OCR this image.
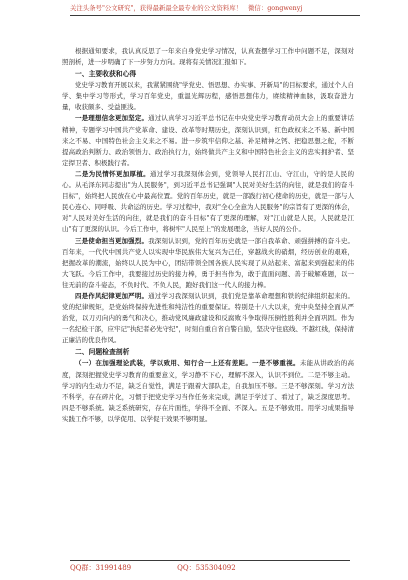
关注头条号"公文研究"，获得最新最全最专业的公文资料库！ 微信：gongwenyj

根据通知要求，我认真反思了一年来自身党史学习情况，认真查摆学习工作中问题不足，深刻对照剖析，进一步明确了下一步努力方向。现将有关情况汇报如下。

一、主要收获和心得

党史学习教育开展以来，我紧紧围绕"学党史、悟思想、办实事、开新局"的目标要求，通过个人自学、集中学习等形式，学习百年党史，重温光辉历程，感悟思想伟力，赓续精神血脉，汲取奋进力量，收获颇多、受益匪浅。

一是理想信念更加坚定。通过认真学习习近平总书记在中央党史学习教育动员大会上的重要讲话精神，专题学习中国共产党革命、建设、改革等时期历史，深刻认识到，红色政权来之不易、新中国来之不易、中国特色社会主义来之不易。进一步筑牢信仰之基、补足精神之钙、把稳思想之舵，不断提高政治判断力、政治领悟力、政治执行力，始终做共产主义和中国特色社会主义的忠实拥护者、坚定捍卫者、积极践行者。

二是为民情怀更加厚植。通过学习我深刻体会到，党领导人民打江山、守江山，守的是人民的心。从毛泽东同志提出"为人民服务"，到习近平总书记强调"人民对美好生活的向往，就是我们的奋斗目标"，始终把人民放在心中最高位置。党的百年历史，就是一部践行初心使命的历史，就是一部与人民心连心、同呼吸、共命运的历史。学习过程中，我对"全心全意为人民服务"的宗旨有了更深的体会，对"人民对美好生活的向往，就是我们的奋斗目标"有了更深的理解，对"江山就是人民，人民就是江山"有了更深的认识。今后工作中，将树牢"人民至上"的发展理念，当好人民的公仆。

三是使命担当更加强烈。我深刻认识到，党的百年历史就是一部自我革命、顽强拼搏的奋斗史。百年来，一代代中国共产党人以实现中华民族伟大复兴为己任，穿越战火的硝烟，经历创业的艰难，把握改革的潮流，始终以人民为中心，团结带领全国各族人民实现了从站起来、富起来到强起来的伟大飞跃。今后工作中，我要接过历史的接力棒，勇于担当作为，敢于直面问题、善于破解难题，以一往无前的奋斗姿态，不负时代、不负人民，跑好我们这一代人的接力棒。

四是作风纪律更加严明。通过学习我深刻认识到，我们党是靠革命理想和铁的纪律组织起来的。党的纪律规矩，是党始终保持先进性和纯洁性的重要保证。特别是十八大以来，党中央坚持全面从严治党，以刀刃向内的勇气和决心，推动党风廉政建设和反腐败斗争取得压倒性胜利并全面巩固。作为一名纪检干部，应牢记"执纪者必先守纪"，时刻自重自省自警自励，坚决守住底线、不越红线，保持清正廉洁的优良作风。

二、问题检查剖析

（一）在加强理论武装，学以致用、知行合一上还有差距。一是不够重视。未能从讲政治的高度，深刻把握党史学习教育的重要意义，学习静不下心，理解不深入，认识不到位。二是不够主动。学习的内生动力不足，缺乏自觉性，满足于跟着大部队走，自我加压不够。三是不够深刻。学习方法不科学，存在碎片化，习惯于把党史学习当作任务来完成，满足于学过了、看过了，缺乏深度思考。四是不够系统。缺乏系统研究，存在片面性，学得不全面、不深入。五是不够致用。用学习成果指导实践工作不够，以学促用、以学促干效果不够明显。

QQ群：31991489	QQ：535304092
